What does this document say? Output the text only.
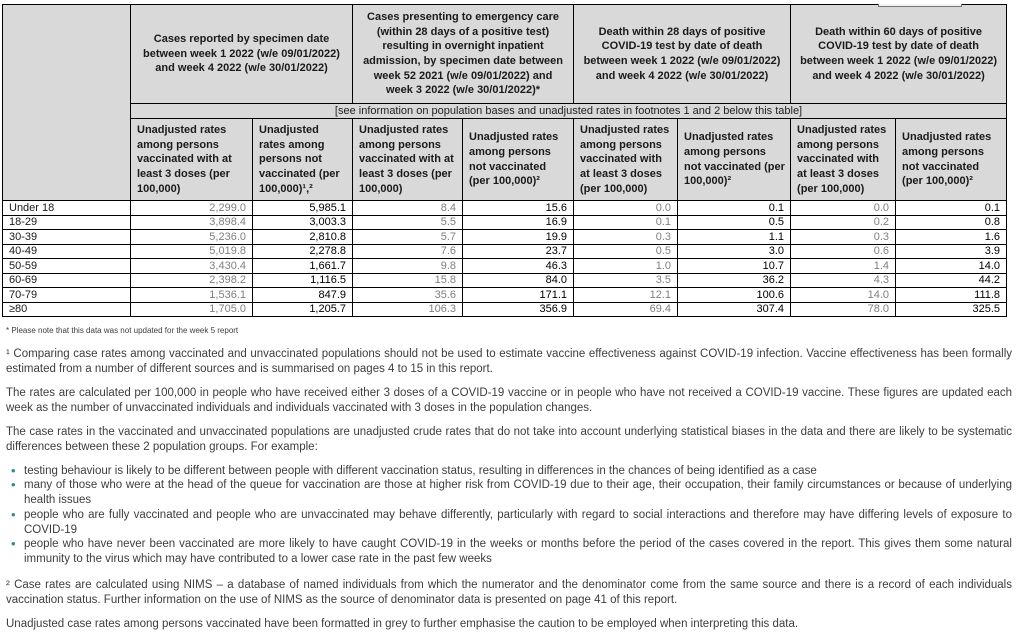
	Cases reported by specimen date between week 1 2022 (w/e 09/01/2022) and week 4 2022 (w/e 30/01/2022)		Cases presenting to emergency care (within 28 days of a positive test) resulting in overnight inpatient admission, by specimen date between week 52 2021 (w/e 09/01/2022) and week 3 2022 (w/e 30/01/2022)*		Death within 28 days of positive COVID-19 test by date of death between week 1 2022 (w/e 09/01/2022) and week 4 2022 (w/e 30/01/2022)		Death within 60 days of positive COVID-19 test by date of death between week 1 2022 (w/e 09/01/2022) and week 4 2022 (w/e 30/01/2022)	
	[see information on population bases and unadjusted rates in footnotes 1 and 2 below this table]							
	Unadjusted rates among persons vaccinated with at least 3 doses (per 100,000)	Unadjusted rates among persons not vaccinated (per 100,000)¹,²	Unadjusted rates among persons vaccinated with at least 3 doses (per 100,000)	Unadjusted rates among persons not vaccinated (per 100,000)²	Unadjusted rates among persons vaccinated with at least 3 doses (per 100,000)	Unadjusted rates among persons not vaccinated (per 100,000)²	Unadjusted rates among persons vaccinated with at least 3 doses (per 100,000)	Unadjusted rates among persons not vaccinated (per 100,000)²
Under 18	2,299.0	5,985.1	8.4	15.6	0.0	0.1	0.0	0.1
18-29	3,898.4	3,003.3	5.5	16.9	0.1	0.5	0.2	0.8
30-39	5,236.0	2,810.8	5.7	19.9	0.3	1.1	0.3	1.6
40-49	5,019.8	2,278.8	7.6	23.7	0.5	3.0	0.6	3.9
50-59	3,430.4	1,661.7	9.8	46.3	1.0	10.7	1.4	14.0
60-69	2,398.2	1,116.5	15.8	84.0	3.5	36.2	4.3	44.2
70-79	1,536.1	847.9	35.6	171.1	12.1	100.6	14.0	111.8
≥80	1,705.0	1,205.7	106.3	356.9	69.4	307.4	78.0	325.5
* Please note that this data was not updated for the week 5 report

¹ Comparing case rates among vaccinated and unvaccinated populations should not be used to estimate vaccine effectiveness against COVID-19 infection. Vaccine effectiveness has been formally estimated from a number of different sources and is summarised on pages 4 to 15 in this report.

The rates are calculated per 100,000 in people who have received either 3 doses of a COVID-19 vaccine or in people who have not received a COVID-19 vaccine. These figures are updated each week as the number of unvaccinated individuals and individuals vaccinated with 3 doses in the population changes.

The case rates in the vaccinated and unvaccinated populations are unadjusted crude rates that do not take into account underlying statistical biases in the data and there are likely to be systematic differences between these 2 population groups. For example:

• testing behaviour is likely to be different between people with different vaccination status, resulting in differences in the chances of being identified as a case
• many of those who were at the head of the queue for vaccination are those at higher risk from COVID-19 due to their age, their occupation, their family circumstances or because of underlying health issues
• people who are fully vaccinated and people who are unvaccinated may behave differently, particularly with regard to social interactions and therefore may have differing levels of exposure to COVID-19
• people who have never been vaccinated are more likely to have caught COVID-19 in the weeks or months before the period of the cases covered in the report. This gives them some natural immunity to the virus which may have contributed to a lower case rate in the past few weeks

² Case rates are calculated using NIMS – a database of named individuals from which the numerator and the denominator come from the same source and there is a record of each individuals vaccination status. Further information on the use of NIMS as the source of denominator data is presented on page 41 of this report.

Unadjusted case rates among persons vaccinated have been formatted in grey to further emphasise the caution to be employed when interpreting this data.
